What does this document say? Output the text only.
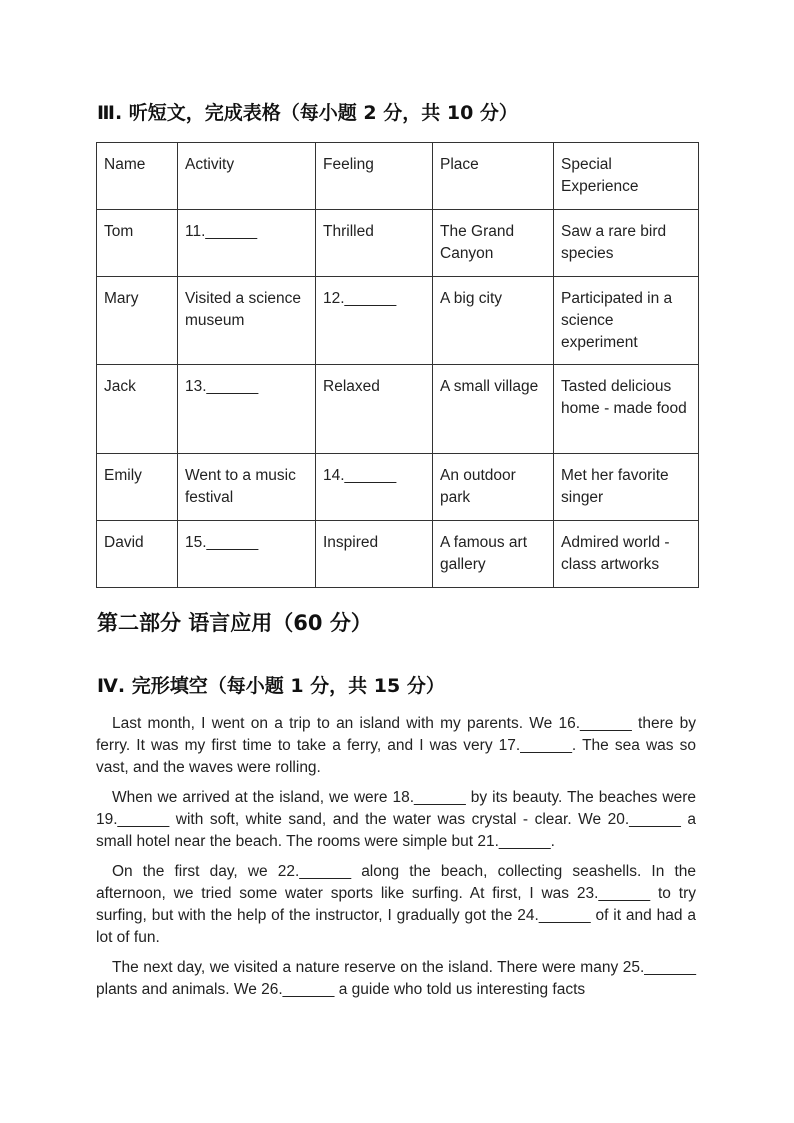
Ⅲ. 听短文，完成表格（每小题 2 分，共 10 分）
Name	Activity	Feeling	Place	Special Experience
Tom	11.______	Thrilled	The Grand Canyon	Saw a rare bird species
Mary	Visited a science museum	12.______	A big city	Participated in a science experiment
Jack	13.______	Relaxed	A small village	Tasted delicious home - made food
Emily	Went to a music festival	14.______	An outdoor park	Met her favorite singer
David	15.______	Inspired	A famous art gallery	Admired world - class artworks
第二部分 语言应用（60 分）
Ⅳ. 完形填空（每小题 1 分，共 15 分）

Last month, I went on a trip to an island with my parents. We 16.______ there by ferry. It was my first time to take a ferry, and I was very 17.______. The sea was so vast, and the waves were rolling.

When we arrived at the island, we were 18.______ by its beauty. The beaches were 19.______ with soft, white sand, and the water was crystal - clear. We 20.______ a small hotel near the beach. The rooms were simple but 21.______.

On the first day, we 22.______ along the beach, collecting seashells. In the afternoon, we tried some water sports like surfing. At first, I was 23.______ to try surfing, but with the help of the instructor, I gradually got the 24.______ of it and had a lot of fun.

The next day, we visited a nature reserve on the island. There were many 25.______ plants and animals. We 26.______ a guide who told us interesting facts
